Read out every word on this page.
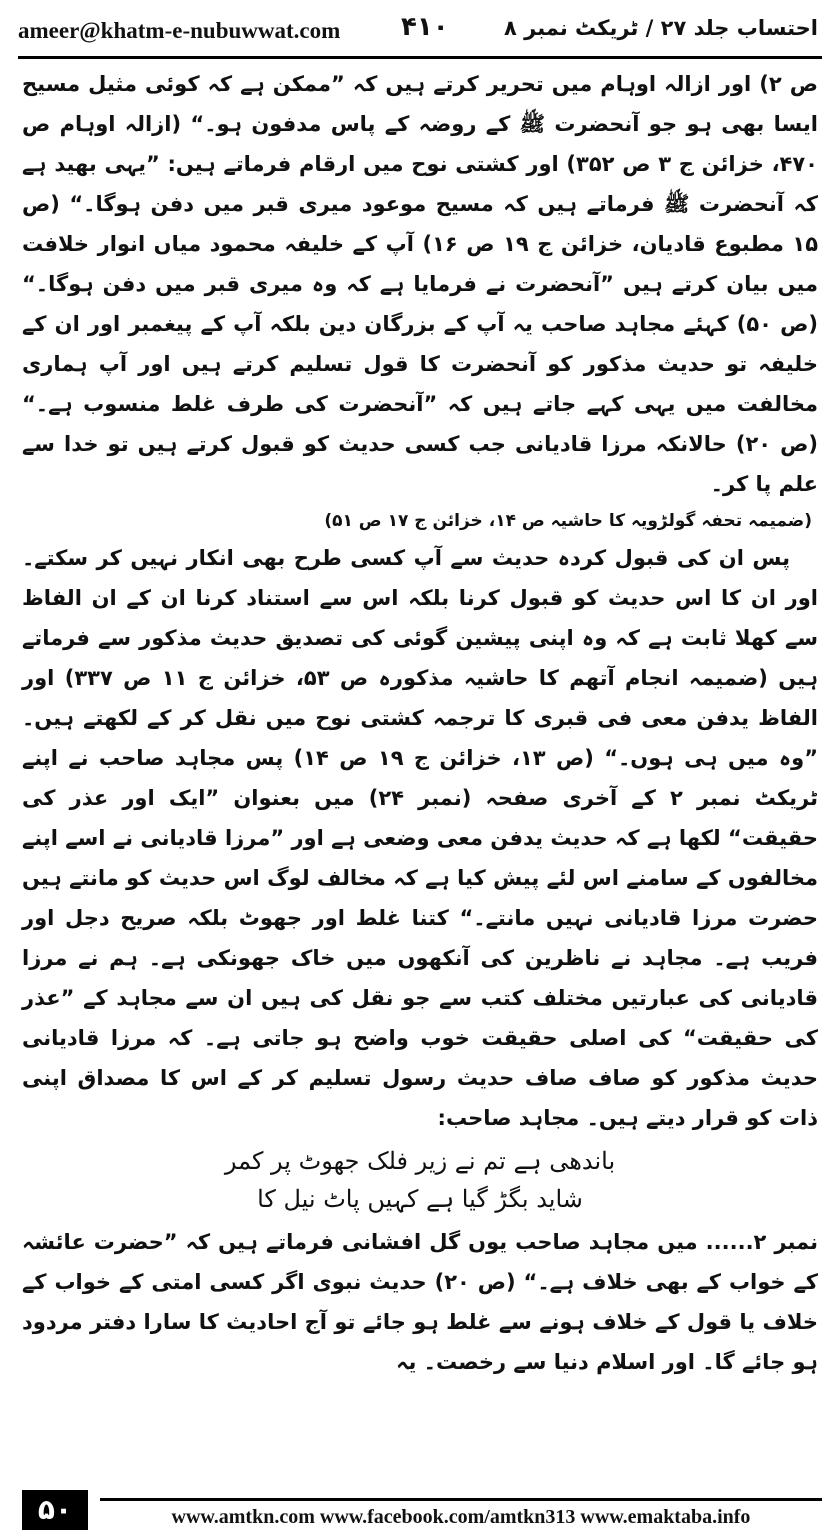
ameer@khatm-e-nubuwwat.com ۴۱۰	احتساب جلد ۲۷ / ٹریکٹ نمبر ۸

ص ۲) اور ازالہ اوہام میں تحریر کرتے ہیں کہ ”ممکن ہے کہ کوئی مثیل مسیح ایسا بھی ہو جو آنحضرت ﷺ کے روضہ کے پاس مدفون ہو۔“ (ازالہ اوہام ص ۴۷۰، خزائن ج ۳ ص ۳۵۲) اور کشتی نوح میں ارقام فرماتے ہیں: ”یہی بھید ہے کہ آنحضرت ﷺ فرماتے ہیں کہ مسیح موعود میری قبر میں دفن ہوگا۔“ (ص ۱۵ مطبوع قادیان، خزائن ج ۱۹ ص ۱۶) آپ کے خلیفہ محمود میاں انوار خلافت میں بیان کرتے ہیں ”آنحضرت نے فرمایا ہے کہ وہ میری قبر میں دفن ہوگا۔“ (ص ۵۰) کہئے مجاہد صاحب یہ آپ کے بزرگان دین بلکہ آپ کے پیغمبر اور ان کے خلیفہ تو حدیث مذکور کو آنحضرت کا قول تسلیم کرتے ہیں اور آپ ہماری مخالفت میں یہی کہے جاتے ہیں کہ ”آنحضرت کی طرف غلط منسوب ہے۔“ (ص ۲۰) حالانکہ مرزا قادیانی جب کسی حدیث کو قبول کرتے ہیں تو خدا سے علم پا کر۔

(ضمیمہ تحفہ گولڑویہ کا حاشیہ ص ۱۴، خزائن ج ۱۷ ص ۵۱)

پس ان کی قبول کردہ حدیث سے آپ کسی طرح بھی انکار نہیں کر سکتے۔ اور ان کا اس حدیث کو قبول کرنا بلکہ اس سے استناد کرنا ان کے ان الفاظ سے کھلا ثابت ہے کہ وہ اپنی پیشین گوئی کی تصدیق حدیث مذکور سے فرماتے ہیں (ضمیمہ انجام آتھم کا حاشیہ مذکورہ ص ۵۳، خزائن ج ۱۱ ص ۳۳۷) اور الفاظ یدفن معی فی قبری کا ترجمہ کشتی نوح میں نقل کر کے لکھتے ہیں۔ ”وہ میں ہی ہوں۔“ (ص ۱۳، خزائن ج ۱۹ ص ۱۴) پس مجاہد صاحب نے اپنے ٹریکٹ نمبر ۲ کے آخری صفحہ (نمبر ۲۴) میں بعنوان ”ایک اور عذر کی حقیقت“ لکھا ہے کہ حدیث یدفن معی وضعی ہے اور ”مرزا قادیانی نے اسے اپنے مخالفوں کے سامنے اس لئے پیش کیا ہے کہ مخالف لوگ اس حدیث کو مانتے ہیں حضرت مرزا قادیانی نہیں مانتے۔“ کتنا غلط اور جھوٹ بلکہ صریح دجل اور فریب ہے۔ مجاہد نے ناظرین کی آنکھوں میں خاک جھونکی ہے۔ ہم نے مرزا قادیانی کی عبارتیں مختلف کتب سے جو نقل کی ہیں ان سے مجاہد کے ”عذر کی حقیقت“ کی اصلی حقیقت خوب واضح ہو جاتی ہے۔ کہ مرزا قادیانی حدیث مذکور کو صاف صاف حدیث رسول تسلیم کر کے اس کا مصداق اپنی ذات کو قرار دیتے ہیں۔ مجاہد صاحب:

باندھی ہے تم نے زیر فلک جھوٹ پر کمر
شاید بگڑ گیا ہے کہیں پاٹ نیل کا

نمبر ۲...... میں مجاہد صاحب یوں گل افشانی فرماتے ہیں کہ ”حضرت عائشہ کے خواب کے بھی خلاف ہے۔“ (ص ۲۰) حدیث نبوی اگر کسی امتی کے خواب کے خلاف یا قول کے خلاف ہونے سے غلط ہو جائے تو آج احادیث کا سارا دفتر مردود ہو جائے گا۔ اور اسلام دنیا سے رخصت۔ یہ

۵۰	www.amtkn.com www.facebook.com/amtkn313 www.emaktaba.info
